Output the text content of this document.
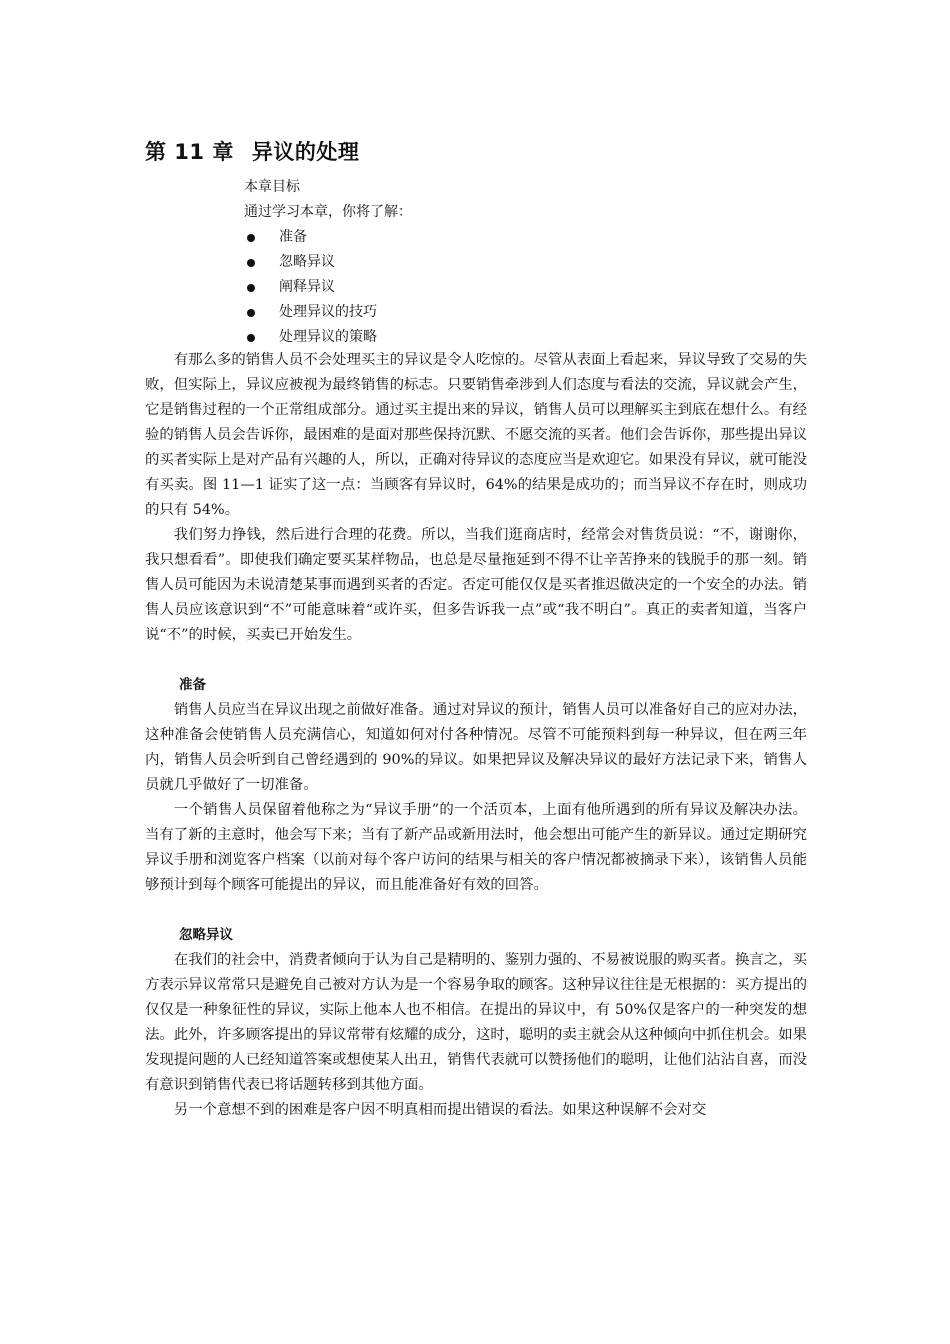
第 11 章 异议的处理
本章目标
通过学习本章，你将了解：
准备
忽略异议
阐释异议
处理异议的技巧
处理异议的策略

有那么多的销售人员不会处理买主的异议是令人吃惊的。尽管从表面上看起来，异议导致了交易的失败，但实际上，异议应被视为最终销售的标志。只要销售牵涉到人们态度与看法的交流，异议就会产生，它是销售过程的一个正常组成部分。通过买主提出来的异议，销售人员可以理解买主到底在想什么。有经验的销售人员会告诉你，最困难的是面对那些保持沉默、不愿交流的买者。他们会告诉你，那些提出异议的买者实际上是对产品有兴趣的人，所以，正确对待异议的态度应当是欢迎它。如果没有异议，就可能没有买卖。图 11—1 证实了这一点：当顾客有异议时，64%的结果是成功的；而当异议不存在时，则成功的只有 54%。

我们努力挣钱，然后进行合理的花费。所以，当我们逛商店时，经常会对售货员说：“不，谢谢你，我只想看看”。即使我们确定要买某样物品，也总是尽量拖延到不得不让辛苦挣来的钱脱手的那一刻。销售人员可能因为未说清楚某事而遇到买者的否定。否定可能仅仅是买者推迟做决定的一个安全的办法。销售人员应该意识到“不”可能意味着“或许买，但多告诉我一点”或“我不明白”。真正的卖者知道，当客户说“不”的时候，买卖已开始发生。

准备

销售人员应当在异议出现之前做好准备。通过对异议的预计，销售人员可以准备好自己的应对办法，这种准备会使销售人员充满信心，知道如何对付各种情况。尽管不可能预料到每一种异议，但在两三年内，销售人员会听到自己曾经遇到的 90%的异议。如果把异议及解决异议的最好方法记录下来，销售人员就几乎做好了一切准备。

一个销售人员保留着他称之为“异议手册”的一个活页本，上面有他所遇到的所有异议及解决办法。当有了新的主意时，他会写下来；当有了新产品或新用法时，他会想出可能产生的新异议。通过定期研究异议手册和浏览客户档案（以前对每个客户访问的结果与相关的客户情况都被摘录下来），该销售人员能够预计到每个顾客可能提出的异议，而且能准备好有效的回答。

忽略异议

在我们的社会中，消费者倾向于认为自己是精明的、鉴别力强的、不易被说服的购买者。换言之，买方表示异议常常只是避免自己被对方认为是一个容易争取的顾客。这种异议往往是无根据的：买方提出的仅仅是一种象征性的异议，实际上他本人也不相信。在提出的异议中，有 50%仅是客户的一种突发的想法。此外，许多顾客提出的异议常带有炫耀的成分，这时，聪明的卖主就会从这种倾向中抓住机会。如果发现提问题的人已经知道答案或想使某人出丑，销售代表就可以赞扬他们的聪明，让他们沾沾自喜，而没有意识到销售代表已将话题转移到其他方面。

另一个意想不到的困难是客户因不明真相而提出错误的看法。如果这种误解不会对交
